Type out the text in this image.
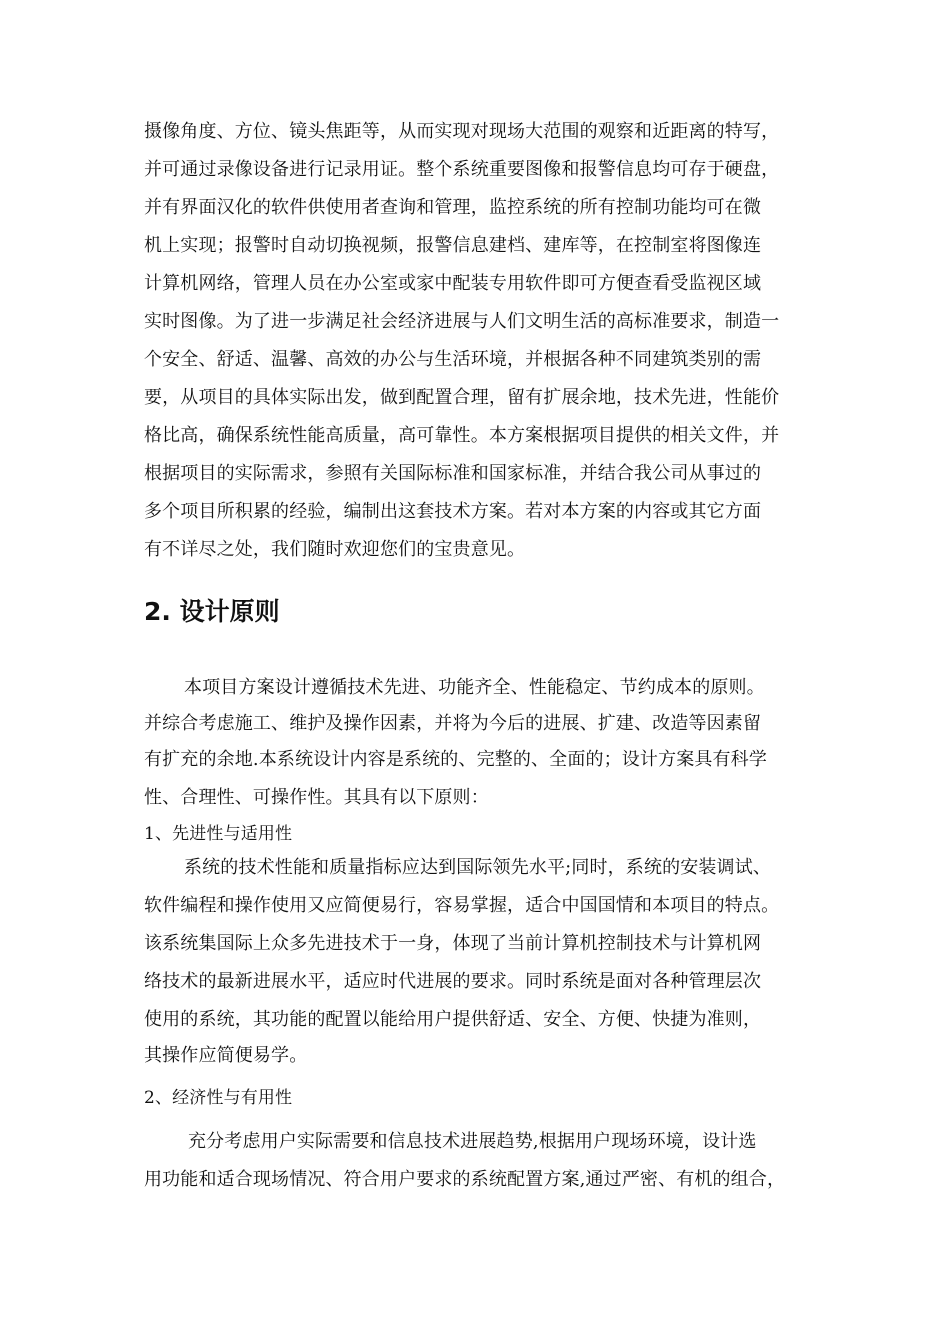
摄像角度、方位、镜头焦距等，从而实现对现场大范围的观察和近距离的特写，
并可通过录像设备进行记录用证。整个系统重要图像和报警信息均可存于硬盘，
并有界面汉化的软件供使用者查询和管理，监控系统的所有控制功能均可在微
机上实现；报警时自动切换视频，报警信息建档、建库等，在控制室将图像连
计算机网络，管理人员在办公室或家中配装专用软件即可方便查看受监视区域
实时图像。为了进一步满足社会经济进展与人们文明生活的高标准要求，制造一
个安全、舒适、温馨、高效的办公与生活环境，并根据各种不同建筑类别的需
要，从项目的具体实际出发，做到配置合理，留有扩展余地，技术先进，性能价
格比高，确保系统性能高质量，高可靠性。本方案根据项目提供的相关文件，并
根据项目的实际需求，参照有关国际标准和国家标准，并结合我公司从事过的
多个项目所积累的经验，编制出这套技术方案。若对本方案的内容或其它方面
有不详尽之处，我们随时欢迎您们的宝贵意见。
2. 设计原则
本项目方案设计遵循技术先进、功能齐全、性能稳定、节约成本的原则。
并综合考虑施工、维护及操作因素，并将为今后的进展、扩建、改造等因素留
有扩充的余地.本系统设计内容是系统的、完整的、全面的；设计方案具有科学
性、合理性、可操作性。其具有以下原则：
1、先进性与适用性
系统的技术性能和质量指标应达到国际领先水平;同时，系统的安装调试、
软件编程和操作使用又应简便易行，容易掌握，适合中国国情和本项目的特点。
该系统集国际上众多先进技术于一身，体现了当前计算机控制技术与计算机网
络技术的最新进展水平，适应时代进展的要求。同时系统是面对各种管理层次
使用的系统，其功能的配置以能给用户提供舒适、安全、方便、快捷为准则，
其操作应简便易学。
2、经济性与有用性
充分考虑用户实际需要和信息技术进展趋势,根据用户现场环境，设计选
用功能和适合现场情况、符合用户要求的系统配置方案,通过严密、有机的组合，
